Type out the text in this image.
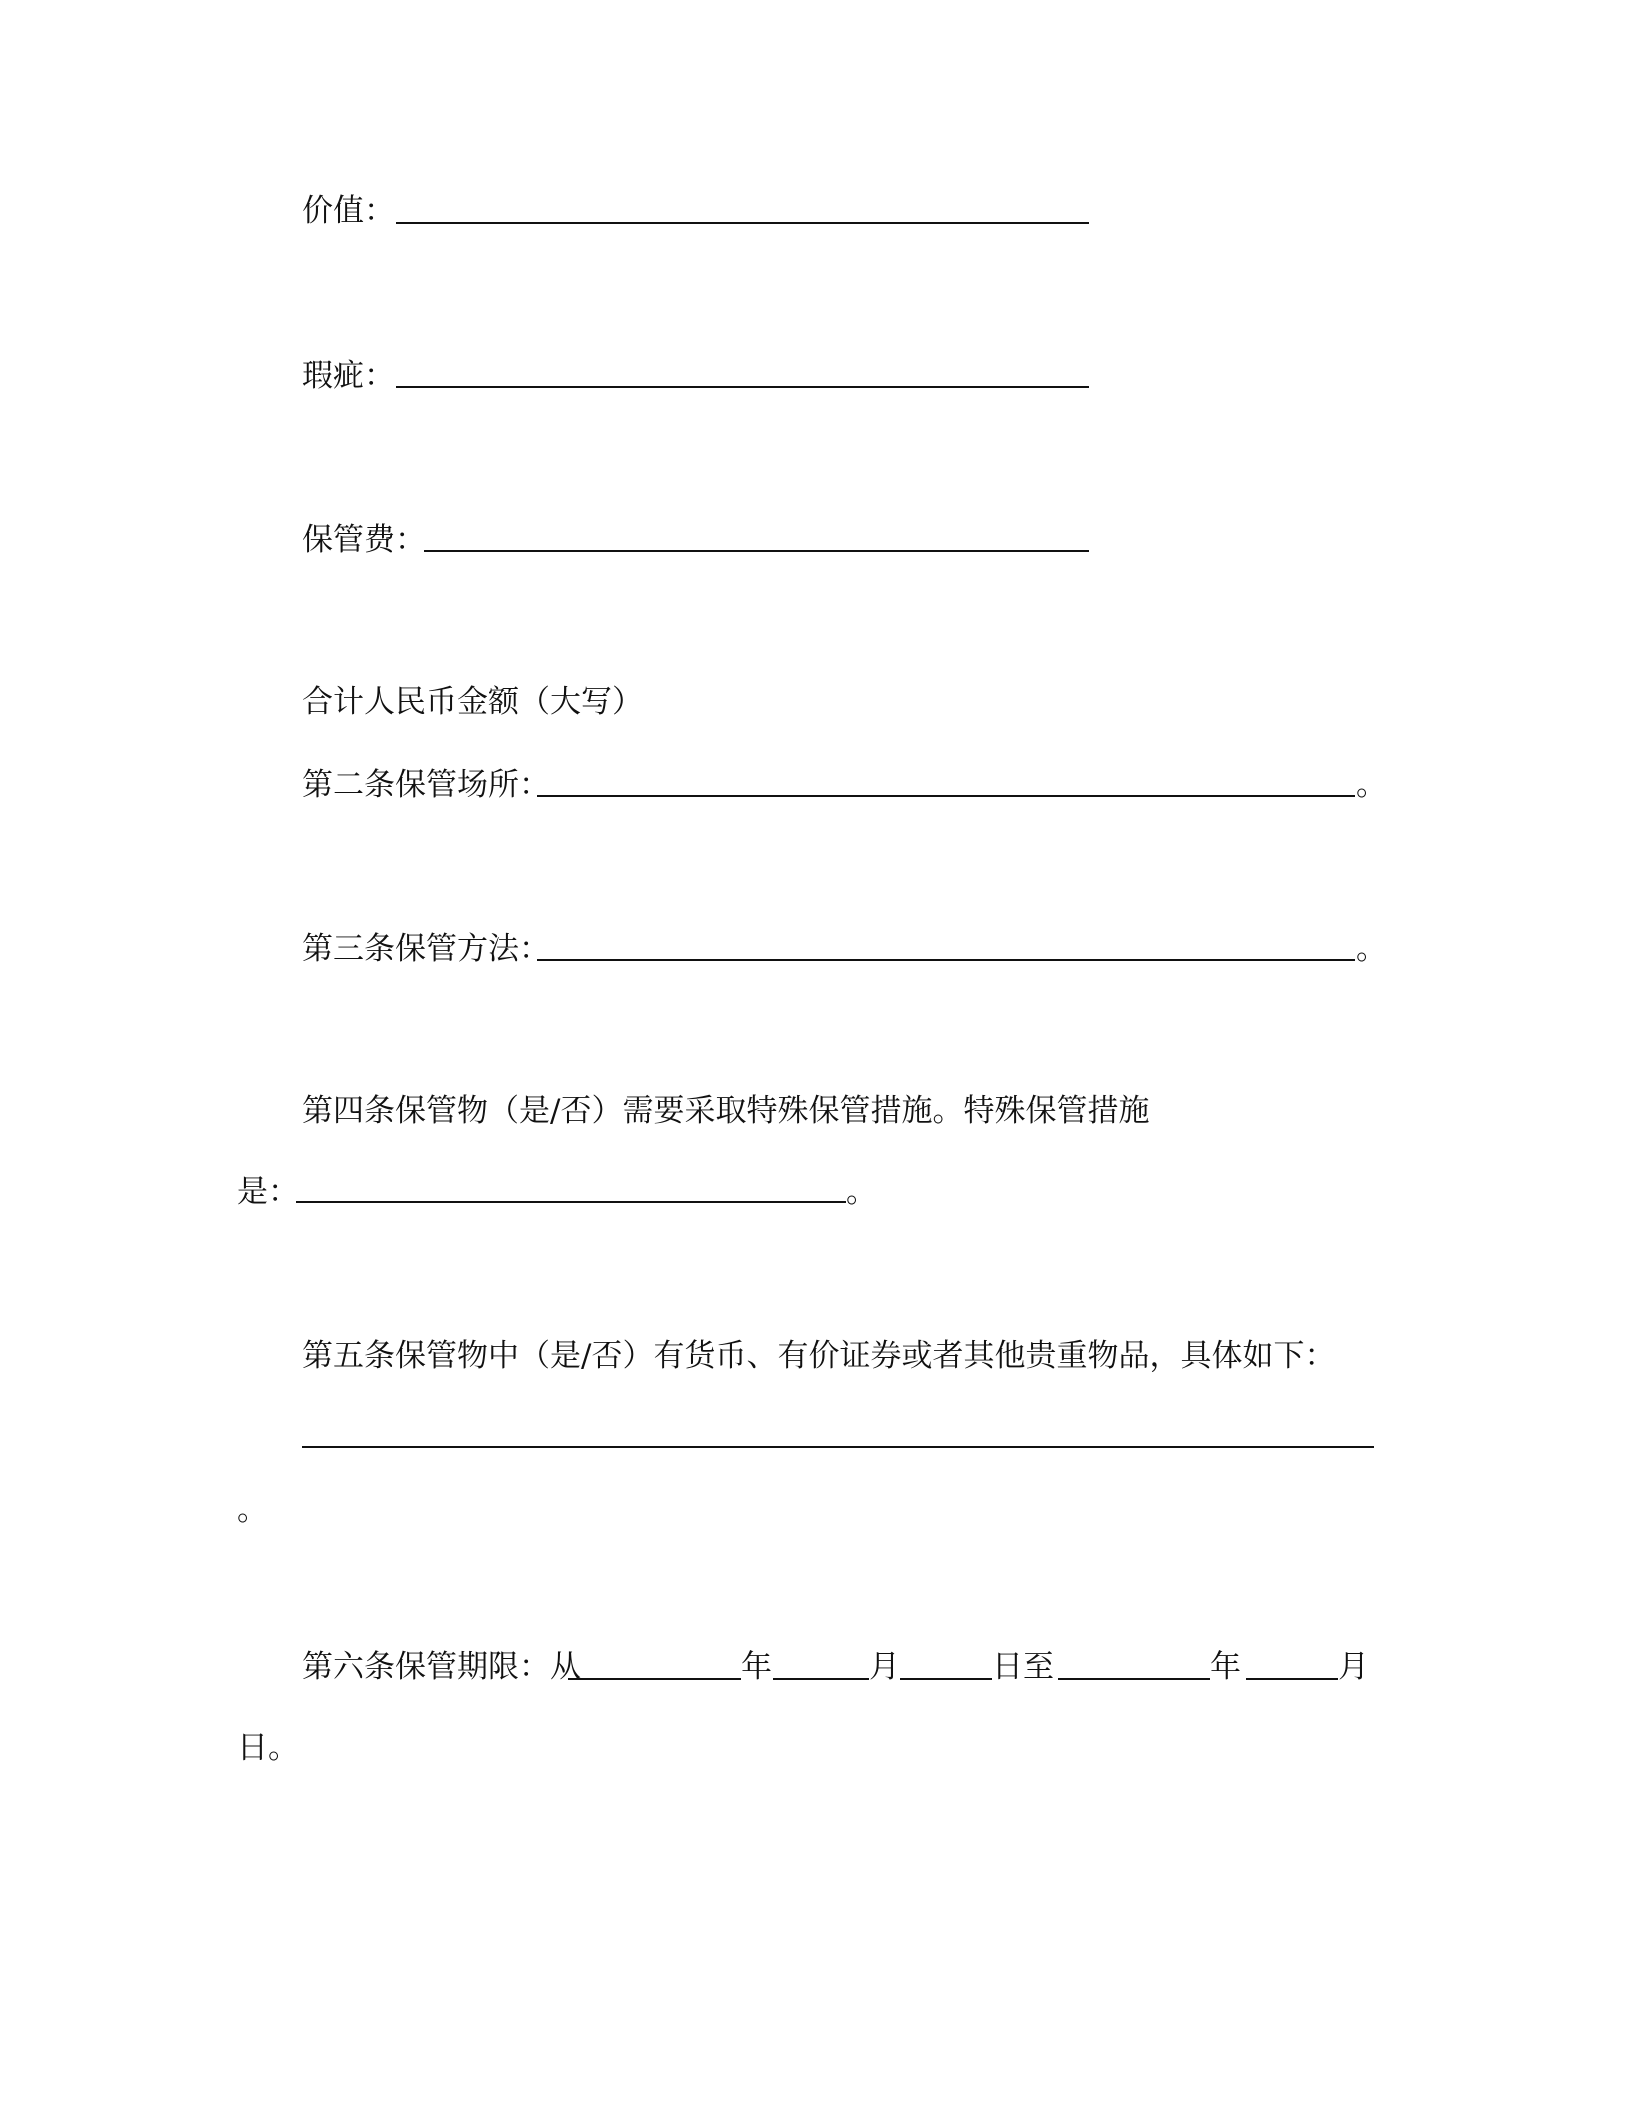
价值：
瑕疵：
保管费：
合计人民币金额（大写）
第二条保管场所：	。
第三条保管方法：	。
第四条保管物（是/否）需要采取特殊保管措施。特殊保管措施
是：	。
第五条保管物中（是/否）有货币、有价证券或者其他贵重物品，具体如下：
。
第六条保管期限：从	年	月	日至	年	月
日。
